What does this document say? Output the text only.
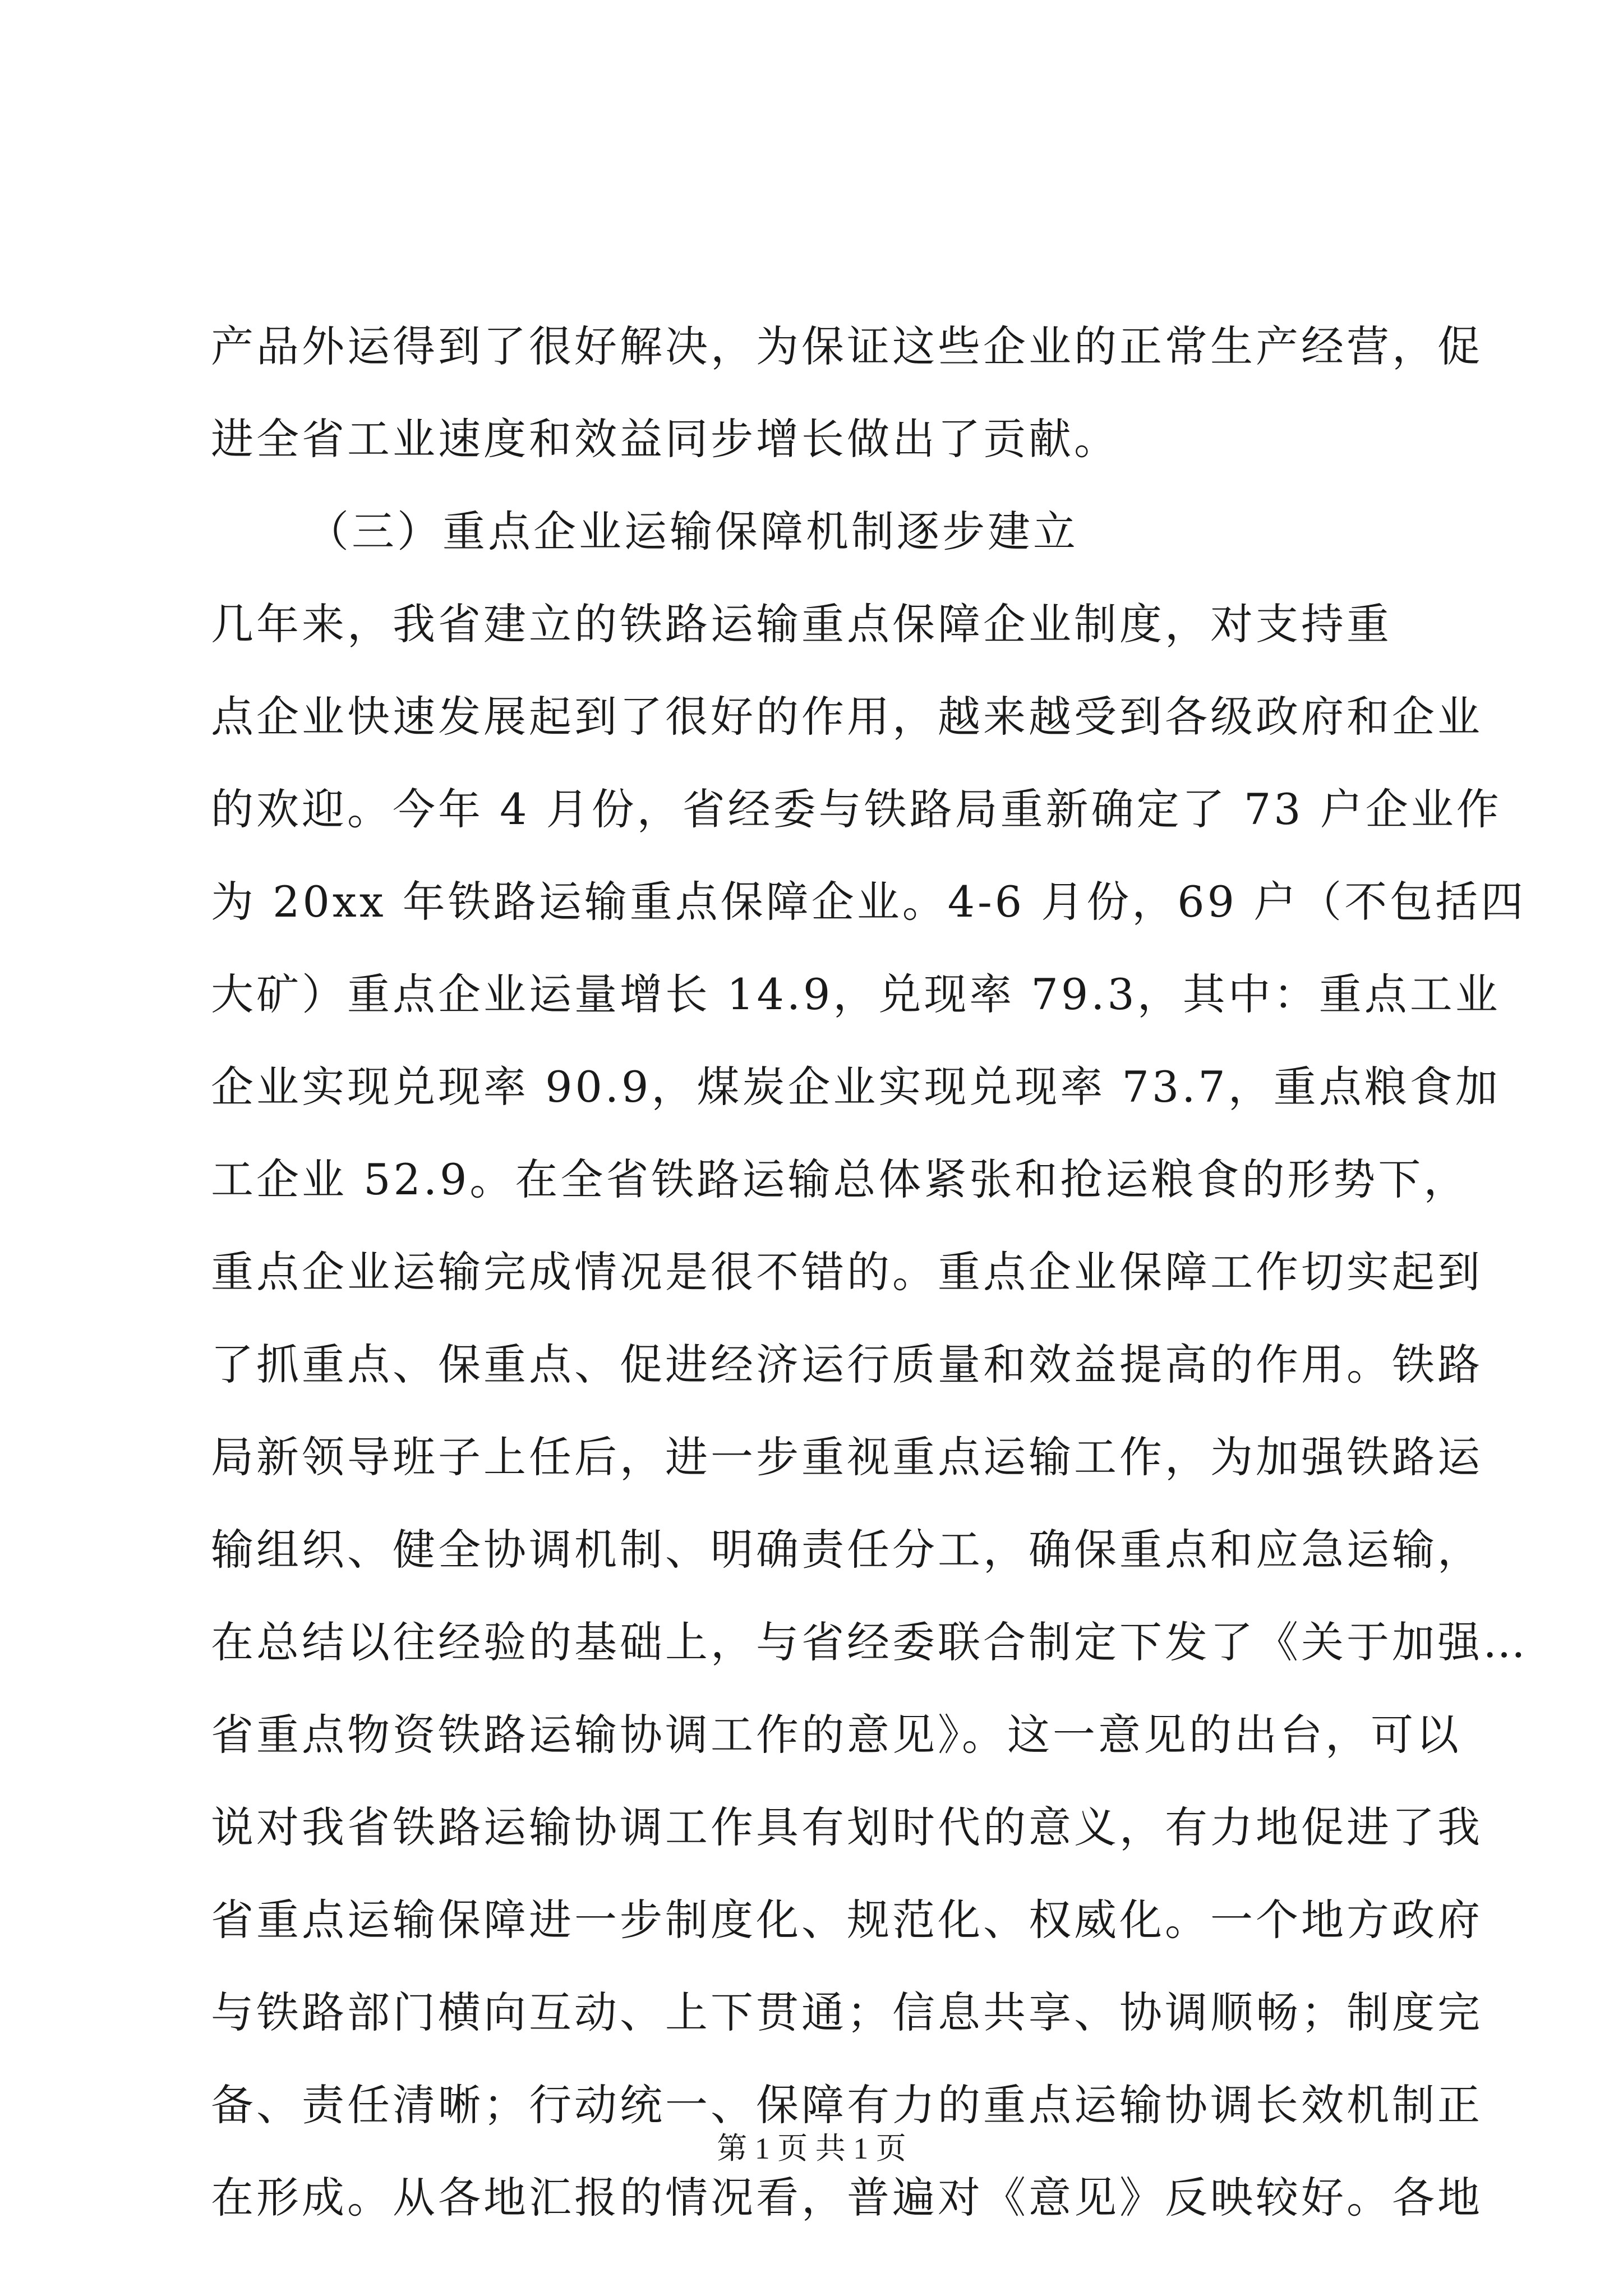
产品外运得到了很好解决，为保证这些企业的正常生产经营，促
进全省工业速度和效益同步增长做出了贡献。
（三）重点企业运输保障机制逐步建立
几年来，我省建立的铁路运输重点保障企业制度，对支持重
点企业快速发展起到了很好的作用，越来越受到各级政府和企业
的欢迎。今年 4 月份，省经委与铁路局重新确定了 73 户企业作
为 20xx 年铁路运输重点保障企业。4-6 月份，69 户（不包括四
大矿）重点企业运量增长 14.9，兑现率 79.3，其中：重点工业
企业实现兑现率 90.9，煤炭企业实现兑现率 73.7，重点粮食加
工企业 52.9。在全省铁路运输总体紧张和抢运粮食的形势下，
重点企业运输完成情况是很不错的。重点企业保障工作切实起到
了抓重点、保重点、促进经济运行质量和效益提高的作用。铁路
局新领导班子上任后，进一步重视重点运输工作，为加强铁路运
输组织、健全协调机制、明确责任分工，确保重点和应急运输，
在总结以往经验的基础上，与省经委联合制定下发了《关于加强…
省重点物资铁路运输协调工作的意见》。这一意见的出台，可以
说对我省铁路运输协调工作具有划时代的意义，有力地促进了我
省重点运输保障进一步制度化、规范化、权威化。一个地方政府
与铁路部门横向互动、上下贯通；信息共享、协调顺畅；制度完
备、责任清晰；行动统一、保障有力的重点运输协调长效机制正
在形成。从各地汇报的情况看，普遍对《意见》反映较好。各地
第 1 页 共 1 页
